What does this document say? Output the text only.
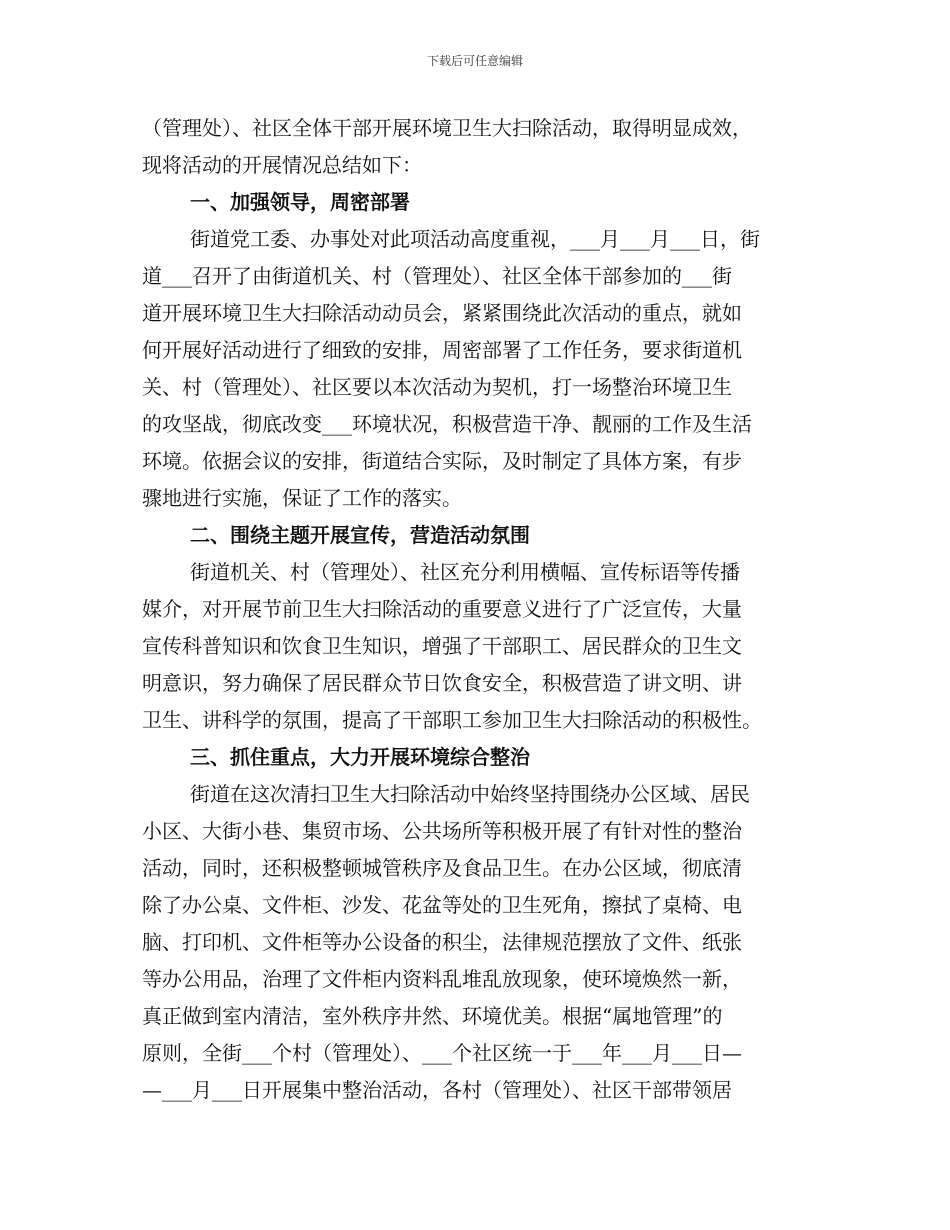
下载后可任意编辑
（管理处）、社区全体干部开展环境卫生大扫除活动，取得明显成效，
现将活动的开展情况总结如下：
一、加强领导，周密部署
街道党工委、办事处对此项活动高度重视，___月___月___日，街
道___召开了由街道机关、村（管理处）、社区全体干部参加的___街
道开展环境卫生大扫除活动动员会，紧紧围绕此次活动的重点，就如
何开展好活动进行了细致的安排，周密部署了工作任务，要求街道机
关、村（管理处）、社区要以本次活动为契机，打一场整治环境卫生
的攻坚战，彻底改变___环境状况，积极营造干净、靓丽的工作及生活
环境。依据会议的安排，街道结合实际，及时制定了具体方案，有步
骤地进行实施，保证了工作的落实。
二、围绕主题开展宣传，营造活动氛围
街道机关、村（管理处）、社区充分利用横幅、宣传标语等传播
媒介，对开展节前卫生大扫除活动的重要意义进行了广泛宣传，大量
宣传科普知识和饮食卫生知识，增强了干部职工、居民群众的卫生文
明意识，努力确保了居民群众节日饮食安全，积极营造了讲文明、讲
卫生、讲科学的氛围，提高了干部职工参加卫生大扫除活动的积极性。
三、抓住重点，大力开展环境综合整治
街道在这次清扫卫生大扫除活动中始终坚持围绕办公区域、居民
小区、大街小巷、集贸市场、公共场所等积极开展了有针对性的整治
活动，同时，还积极整顿城管秩序及食品卫生。在办公区域，彻底清
除了办公桌、文件柜、沙发、花盆等处的卫生死角，擦拭了桌椅、电
脑、打印机、文件柜等办公设备的积尘，法律规范摆放了文件、纸张
等办公用品，治理了文件柜内资料乱堆乱放现象，使环境焕然一新，
真正做到室内清洁，室外秩序井然、环境优美。根据“属地管理”的
原则，全街___个村（管理处）、___个社区统一于___年___月___日—
—___月___日开展集中整治活动，各村（管理处）、社区干部带领居
